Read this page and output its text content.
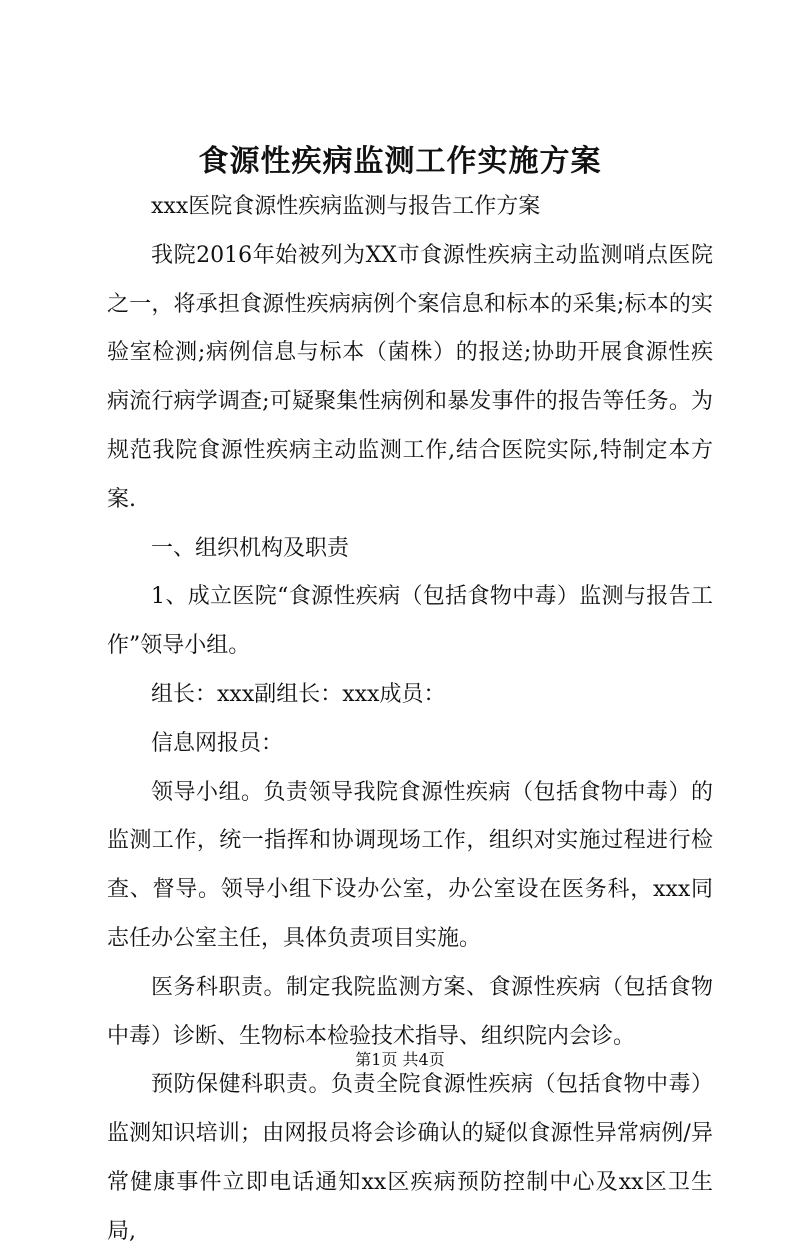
食源性疾病监测工作实施方案

xxx医院食源性疾病监测与报告工作方案

我院2016年始被列为XX市食源性疾病主动监测哨点医院之一，将承担食源性疾病病例个案信息和标本的采集;标本的实验室检测;病例信息与标本（菌株）的报送;协助开展食源性疾病流行病学调查;可疑聚集性病例和暴发事件的报告等任务。为规范我院食源性疾病主动监测工作,结合医院实际,特制定本方案.

一、组织机构及职责

1、成立医院“食源性疾病（包括食物中毒）监测与报告工作”领导小组。

组长：xxx副组长：xxx成员：

信息网报员：

领导小组。负责领导我院食源性疾病（包括食物中毒）的监测工作，统一指挥和协调现场工作，组织对实施过程进行检查、督导。领导小组下设办公室，办公室设在医务科，xxx同志任办公室主任，具体负责项目实施。

医务科职责。制定我院监测方案、食源性疾病（包括食物中毒）诊断、生物标本检验技术指导、组织院内会诊。

预防保健科职责。负责全院食源性疾病（包括食物中毒）监测知识培训；由网报员将会诊确认的疑似食源性异常病例/异常健康事件立即电话通知xx区疾病预防控制中心及xx区卫生局,

第1页 共4页
